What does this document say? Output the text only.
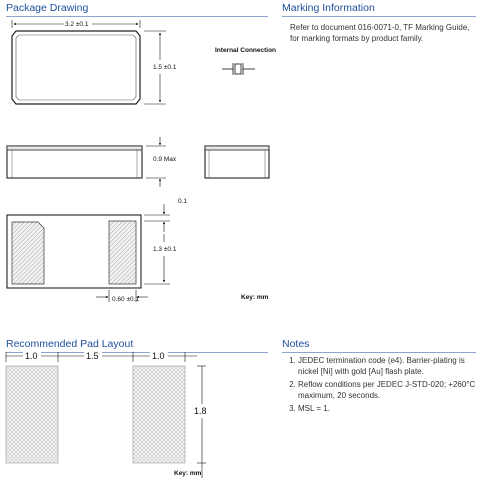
Package Drawing	Marking Information
Refer to document 016-0071-0, TF Marking Guide, for marking formats by product family.
Recommended Pad Layout	Notes
1. JEDEC termination code (e4). Barrier-plating is nickel [Ni] with gold [Au] flash plate.
2. Reflow conditions per JEDEC J-STD-020; +260°C maximum, 20 seconds.
3. MSL = 1.
3.2 ±0.1
1.5 ±0.1
Internal Connection
0.9 Max
0.1
1.3 ±0.1
0.60 ±0.1	Key: mm
1.0	1.5	1.0
1.8
Key: mm
